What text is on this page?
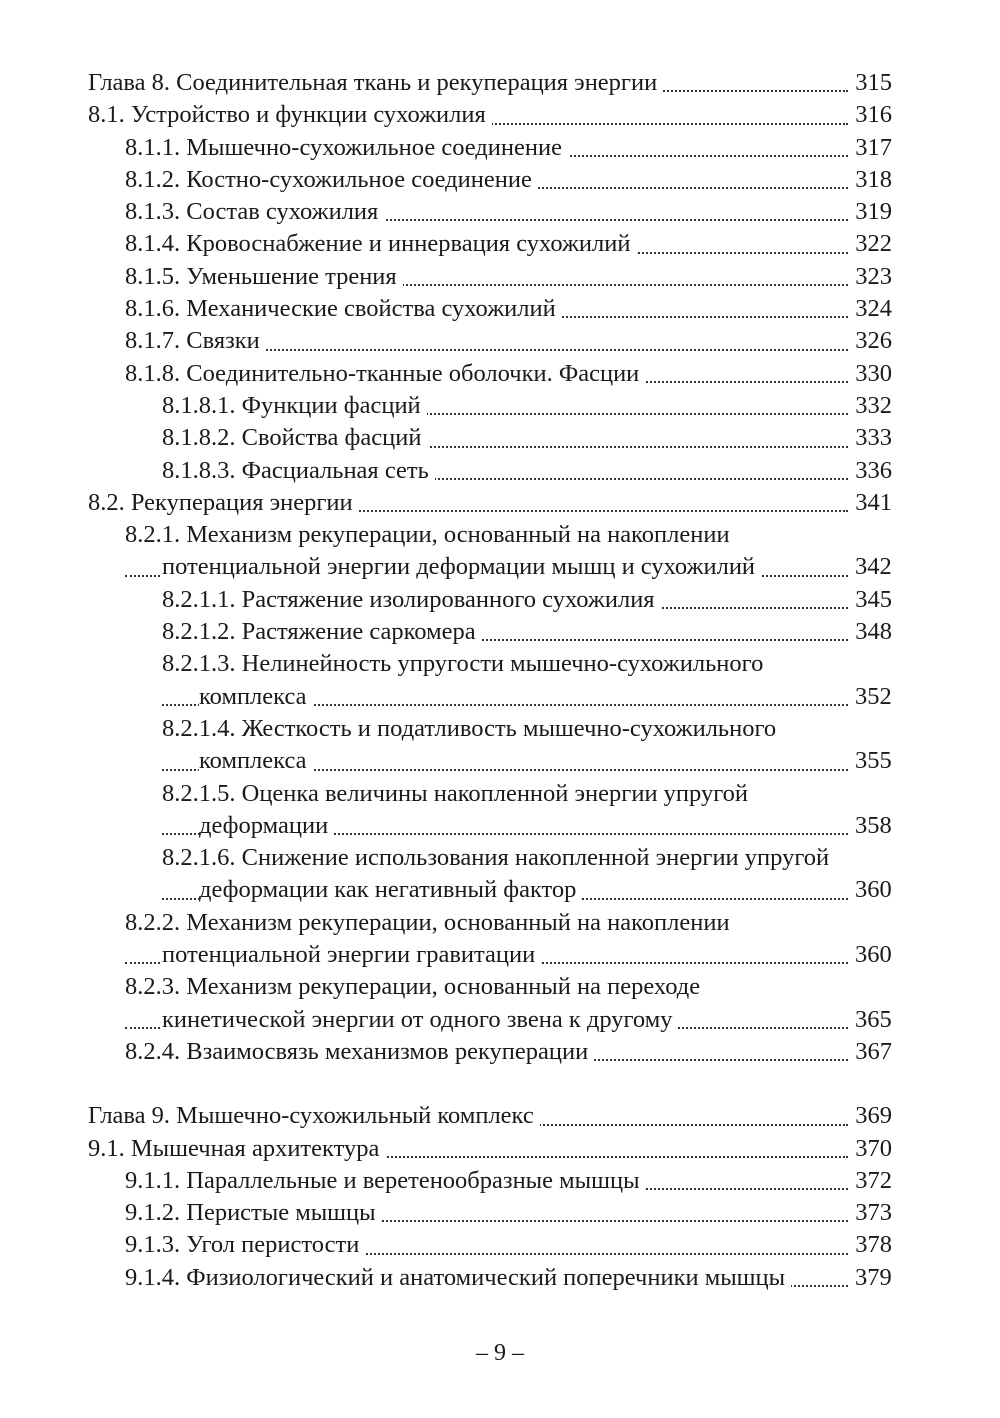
Глава 8. Соединительная ткань и рекуперация энергии	315
8.1. Устройство и функции сухожилия	316
8.1.1. Мышечно-сухожильное соединение	317
8.1.2. Костно-сухожильное соединение	318
8.1.3. Состав сухожилия	319
8.1.4. Кровоснабжение и иннервация сухожилий	322
8.1.5. Уменьшение трения	323
8.1.6. Механические свойства сухожилий	324
8.1.7. Связки	326
8.1.8. Соединительно-тканные оболочки. Фасции	330
8.1.8.1. Функции фасций	332
8.1.8.2. Свойства фасций	333
8.1.8.3. Фасциальная сеть	336
8.2. Рекуперация энергии	341
8.2.1. Механизм рекуперации, основанный на накоплении потенциальной энергии деформации мышц и сухожилий	342
8.2.1.1. Растяжение изолированного сухожилия	345
8.2.1.2. Растяжение саркомера	348
8.2.1.3. Нелинейность упругости мышечно-сухожильного комплекса	352
8.2.1.4. Жесткость и податливость мышечно-сухожильного комплекса	355
8.2.1.5. Оценка величины накопленной энергии упругой деформации	358
8.2.1.6. Снижение использования накопленной энергии упругой деформации как негативный фактор	360
8.2.2. Механизм рекуперации, основанный на накоплении потенциальной энергии гравитации	360
8.2.3. Механизм рекуперации, основанный на переходе кинетической энергии от одного звена к другому	365
8.2.4. Взаимосвязь механизмов рекуперации	367
Глава 9. Мышечно-сухожильный комплекс	369
9.1. Мышечная архитектура	370
9.1.1. Параллельные и веретенообразные мышцы	372
9.1.2. Перистые мышцы	373
9.1.3. Угол перистости	378
9.1.4. Физиологический и анатомический поперечники мышцы	379
– 9 –
